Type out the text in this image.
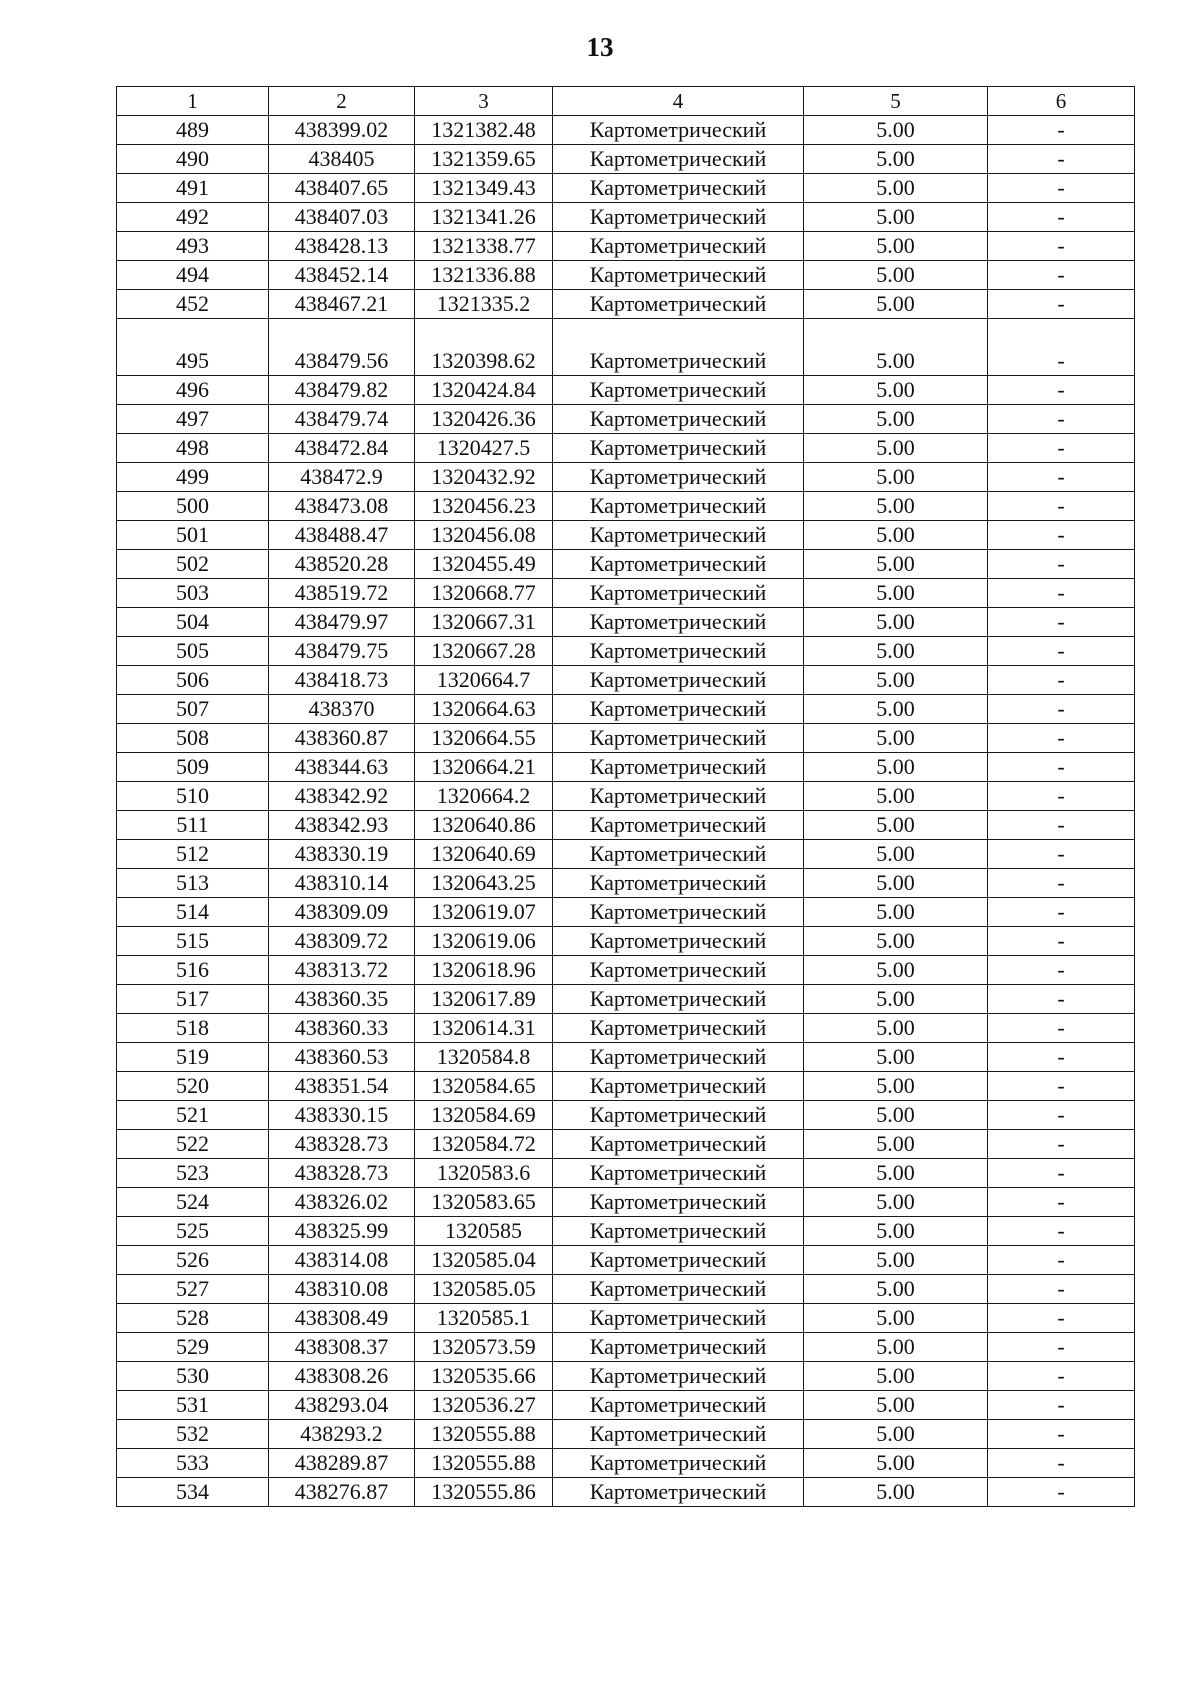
13
1	2	3	4	5	6
489	438399.02	1321382.48	Картометрический	5.00	-
490	438405	1321359.65	Картометрический	5.00	-
491	438407.65	1321349.43	Картометрический	5.00	-
492	438407.03	1321341.26	Картометрический	5.00	-
493	438428.13	1321338.77	Картометрический	5.00	-
494	438452.14	1321336.88	Картометрический	5.00	-
452	438467.21	1321335.2	Картометрический	5.00	-

495	438479.56	1320398.62	Картометрический	5.00	-
496	438479.82	1320424.84	Картометрический	5.00	-
497	438479.74	1320426.36	Картометрический	5.00	-
498	438472.84	1320427.5	Картометрический	5.00	-
499	438472.9	1320432.92	Картометрический	5.00	-
500	438473.08	1320456.23	Картометрический	5.00	-
501	438488.47	1320456.08	Картометрический	5.00	-
502	438520.28	1320455.49	Картометрический	5.00	-
503	438519.72	1320668.77	Картометрический	5.00	-
504	438479.97	1320667.31	Картометрический	5.00	-
505	438479.75	1320667.28	Картометрический	5.00	-
506	438418.73	1320664.7	Картометрический	5.00	-
507	438370	1320664.63	Картометрический	5.00	-
508	438360.87	1320664.55	Картометрический	5.00	-
509	438344.63	1320664.21	Картометрический	5.00	-
510	438342.92	1320664.2	Картометрический	5.00	-
511	438342.93	1320640.86	Картометрический	5.00	-
512	438330.19	1320640.69	Картометрический	5.00	-
513	438310.14	1320643.25	Картометрический	5.00	-
514	438309.09	1320619.07	Картометрический	5.00	-
515	438309.72	1320619.06	Картометрический	5.00	-
516	438313.72	1320618.96	Картометрический	5.00	-
517	438360.35	1320617.89	Картометрический	5.00	-
518	438360.33	1320614.31	Картометрический	5.00	-
519	438360.53	1320584.8	Картометрический	5.00	-
520	438351.54	1320584.65	Картометрический	5.00	-
521	438330.15	1320584.69	Картометрический	5.00	-
522	438328.73	1320584.72	Картометрический	5.00	-
523	438328.73	1320583.6	Картометрический	5.00	-
524	438326.02	1320583.65	Картометрический	5.00	-
525	438325.99	1320585	Картометрический	5.00	-
526	438314.08	1320585.04	Картометрический	5.00	-
527	438310.08	1320585.05	Картометрический	5.00	-
528	438308.49	1320585.1	Картометрический	5.00	-
529	438308.37	1320573.59	Картометрический	5.00	-
530	438308.26	1320535.66	Картометрический	5.00	-
531	438293.04	1320536.27	Картометрический	5.00	-
532	438293.2	1320555.88	Картометрический	5.00	-
533	438289.87	1320555.88	Картометрический	5.00	-
534	438276.87	1320555.86	Картометрический	5.00	-
